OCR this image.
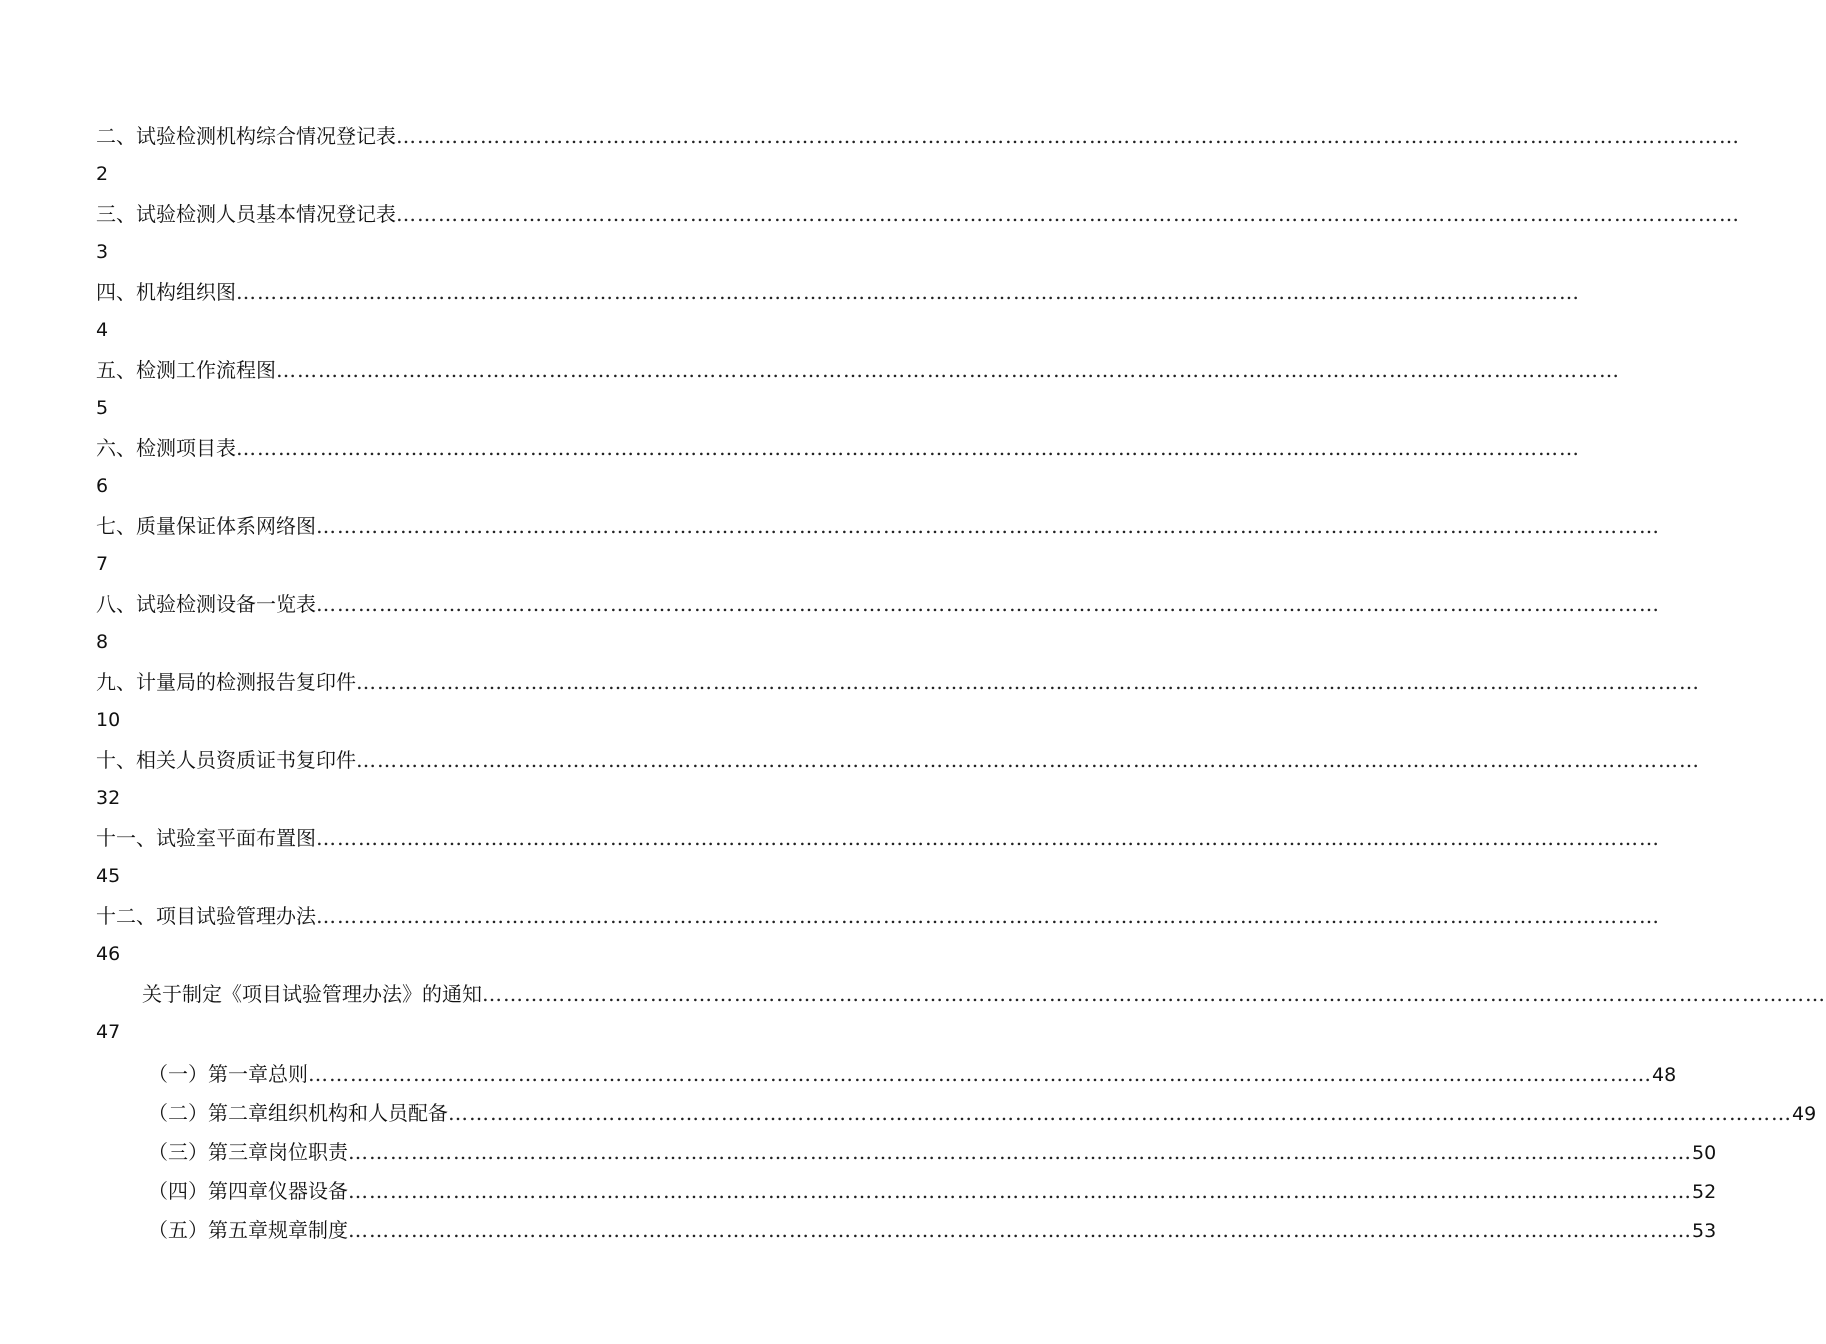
二、试验检测机构综合情况登记表 …………………………………………………………………………………………………………………………………………………………………………
2
三、试验检测人员基本情况登记表 …………………………………………………………………………………………………………………………………………………………………………
3
四、机构组织图 …………………………………………………………………………………………………………………………………………………………………………
4
五、检测工作流程图 …………………………………………………………………………………………………………………………………………………………………………
5
六、检测项目表 …………………………………………………………………………………………………………………………………………………………………………
6
七、质量保证体系网络图 …………………………………………………………………………………………………………………………………………………………………………
7
八、试验检测设备一览表 …………………………………………………………………………………………………………………………………………………………………………
8
九、计量局的检测报告复印件 …………………………………………………………………………………………………………………………………………………………………………
10
十、相关人员资质证书复印件 …………………………………………………………………………………………………………………………………………………………………………
32
十一、试验室平面布置图 …………………………………………………………………………………………………………………………………………………………………………
45
十二、项目试验管理办法 …………………………………………………………………………………………………………………………………………………………………………
46
关于制定《项目试验管理办法》的通知 …………………………………………………………………………………………………………………………………………………………………………
47
（一） 第一章 总则 ………………………………………………………………………………………………………………………………………………………………………… 48
（二） 第二章 组织机构和人员配备 ………………………………………………………………………………………………………………………………………………………………………… 49
（三） 第三章 岗位职责 ………………………………………………………………………………………………………………………………………………………………………… 50
（四） 第四章 仪器设备 ………………………………………………………………………………………………………………………………………………………………………… 52
（五） 第五章 规章制度 ………………………………………………………………………………………………………………………………………………………………………… 53
